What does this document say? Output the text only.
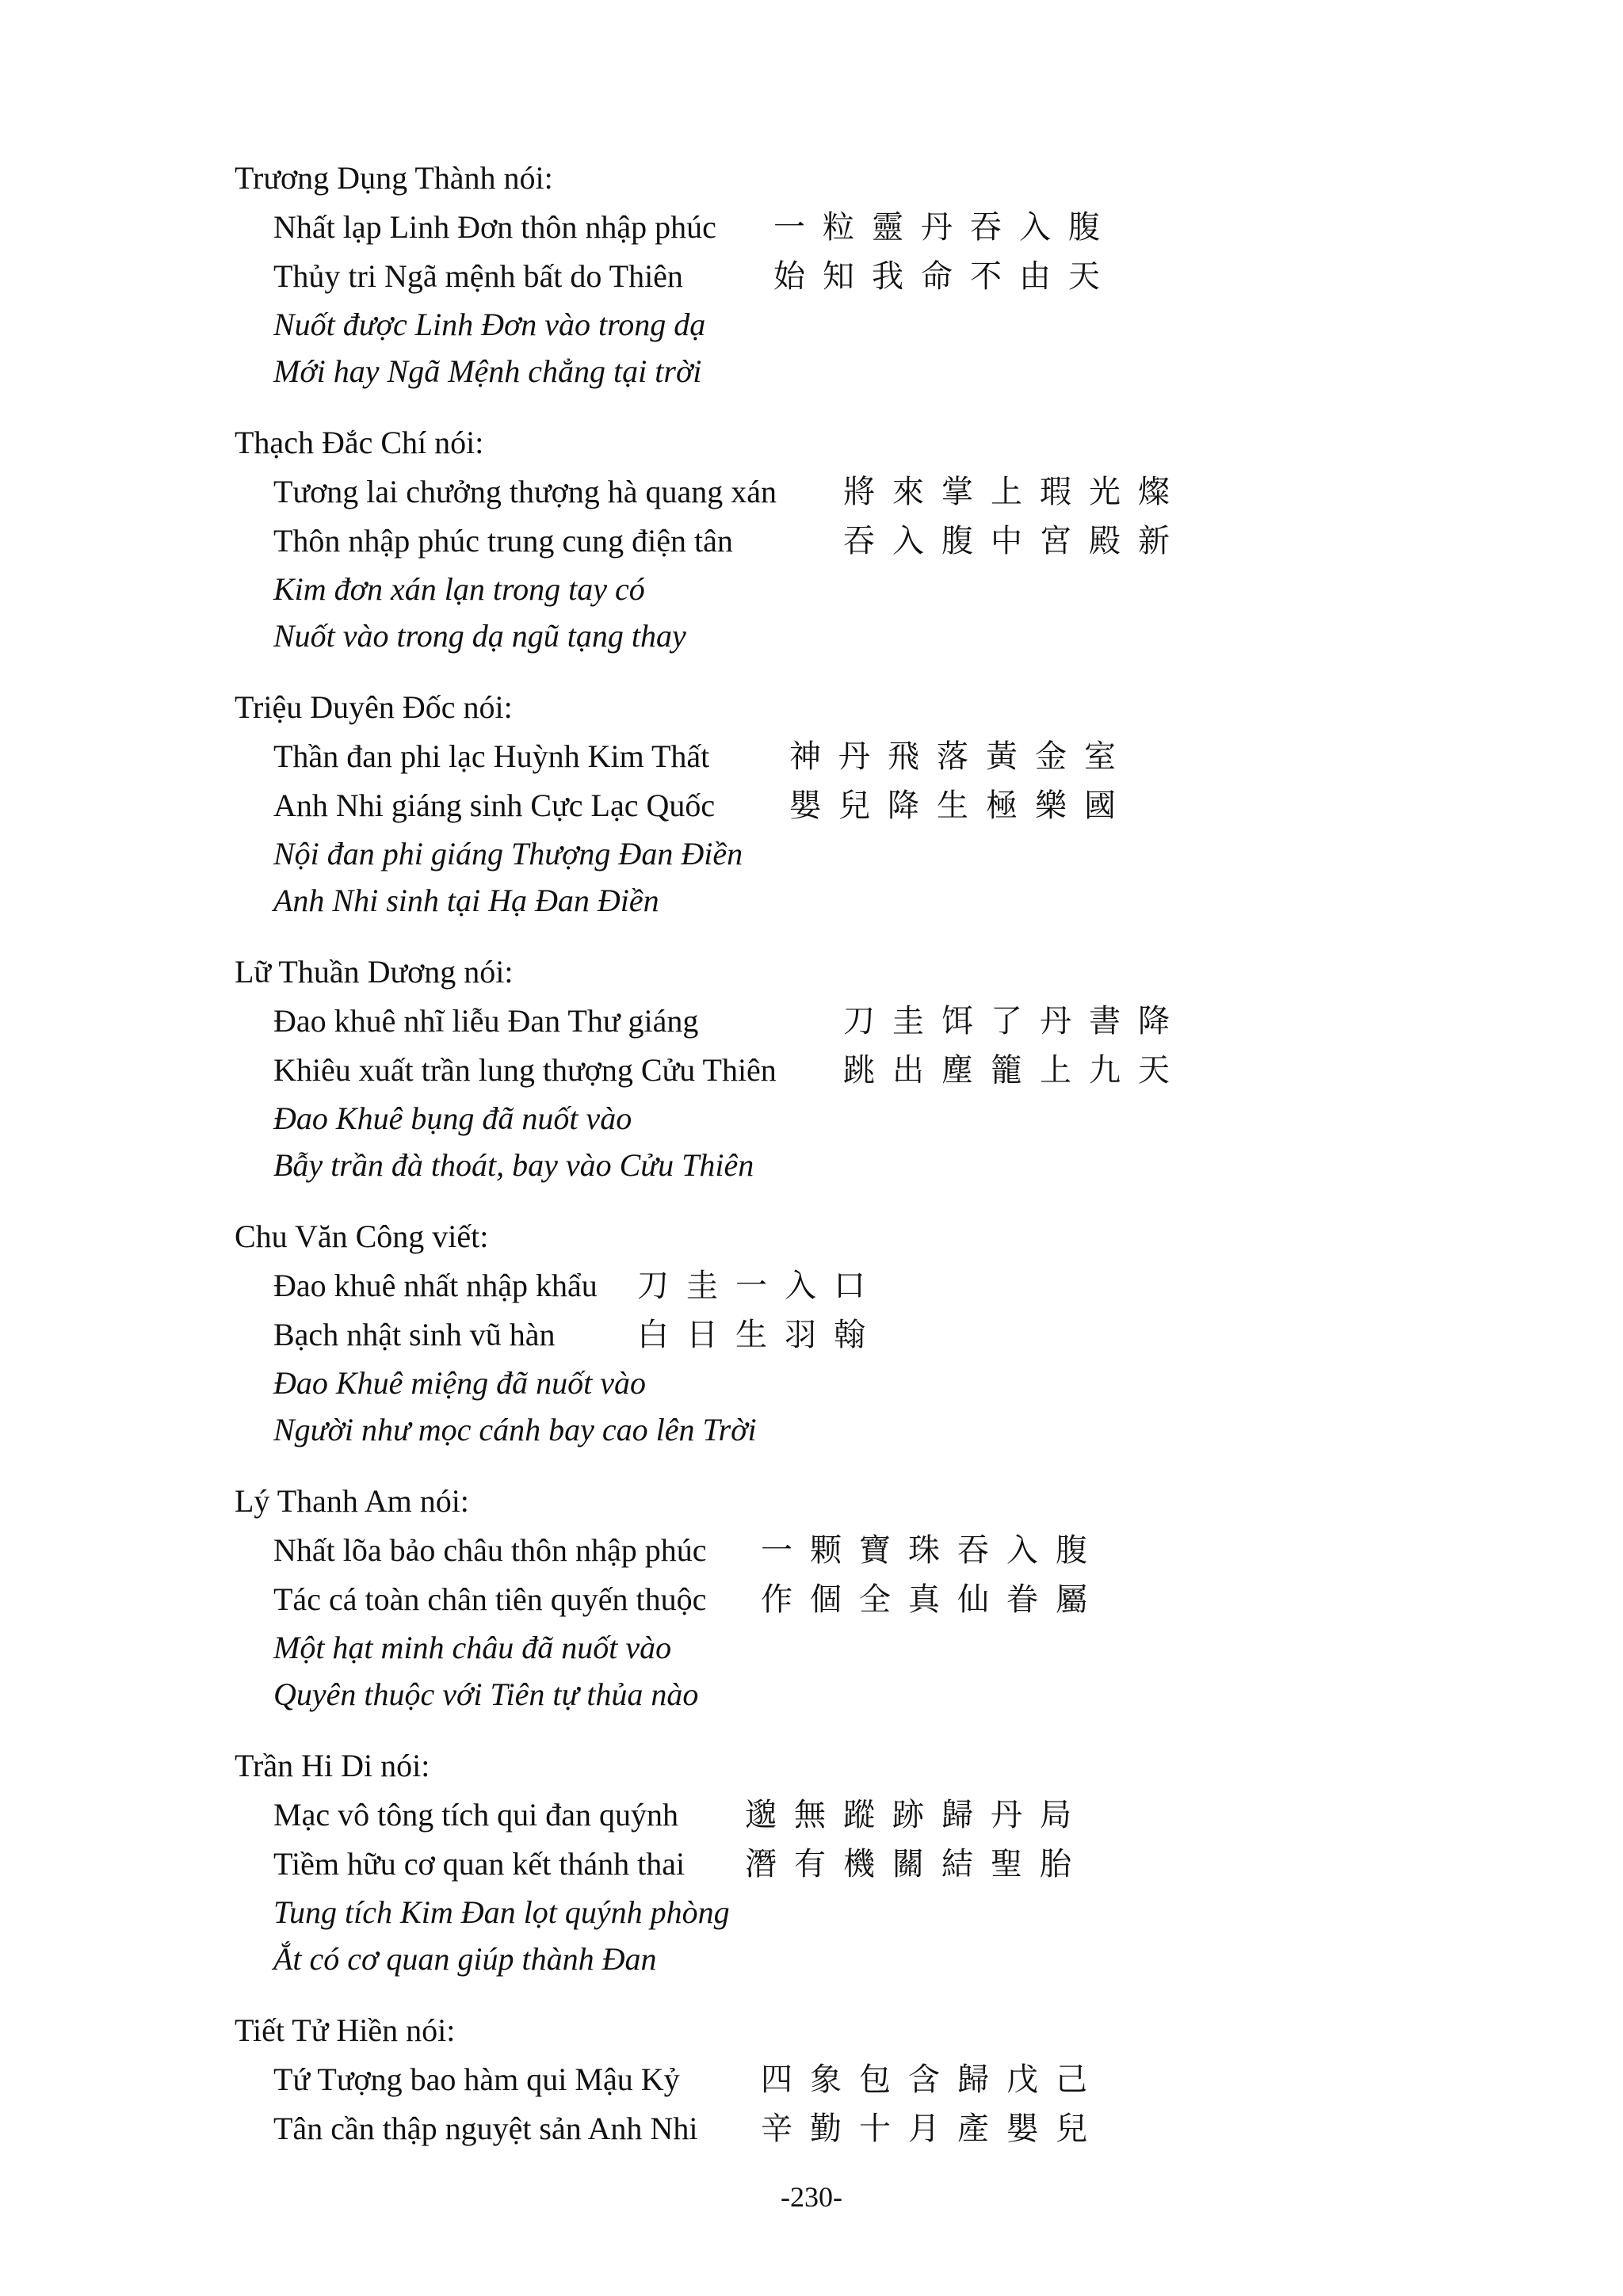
Trương Dụng Thành nói:
Nhất lạp Linh Đơn thôn nhập phúc 一粒靈丹吞入腹
Thủy tri Ngã mệnh bất do Thiên	始知我命不由天
Nuốt được Linh Đơn vào trong dạ
Mới hay Ngã Mệnh chẳng tại trời
Thạch Đắc Chí nói:
Tương lai chưởng thượng hà quang xán 將來掌上瑕光燦
Thôn nhập phúc trung cung điện tân	吞入腹中宮殿新
Kim đơn xán lạn trong tay có
Nuốt vào trong dạ ngũ tạng thay
Triệu Duyên Đốc nói:
Thần đan phi lạc Huỳnh Kim Thất	神丹飛落黃金室
Anh Nhi giáng sinh Cực Lạc Quốc 嬰兒降生極樂國
Nội đan phi giáng Thượng Đan Điền
Anh Nhi sinh tại Hạ Đan Điền
Lữ Thuần Dương nói:
Đao khuê nhĩ liễu Đan Thư giáng	刀圭饵了丹書降
Khiêu xuất trần lung thượng Cửu Thiên 跳出塵籠上九天
Đao Khuê bụng đã nuốt vào
Bẫy trần đà thoát, bay vào Cửu Thiên
Chu Văn Công viết:
Đao khuê nhất nhập khẩu 刀圭一入口
Bạch nhật sinh vũ hàn	白日生羽翰
Đao Khuê miệng đã nuốt vào
Người như mọc cánh bay cao lên Trời
Lý Thanh Am nói:
Nhất lõa bảo châu thôn nhập phúc 一颗寶珠吞入腹
Tác cá toàn chân tiên quyến thuộc 作個全真仙眷屬
Một hạt minh châu đã nuốt vào
Quyên thuộc với Tiên tự thủa nào
Trần Hi Di nói:
Mạc vô tông tích qui đan quýnh 邈無蹤跡歸丹局
Tiềm hữu cơ quan kết thánh thai 潛有機關結聖胎
Tung tích Kim Đan lọt quýnh phòng
Ắt có cơ quan giúp thành Đan
Tiết Tử Hiền nói:
Tứ Tượng bao hàm qui Mậu Kỷ	四象包含歸戊己
Tân cần thập nguyệt sản Anh Nhi 辛勤十月產嬰兒
-230-
